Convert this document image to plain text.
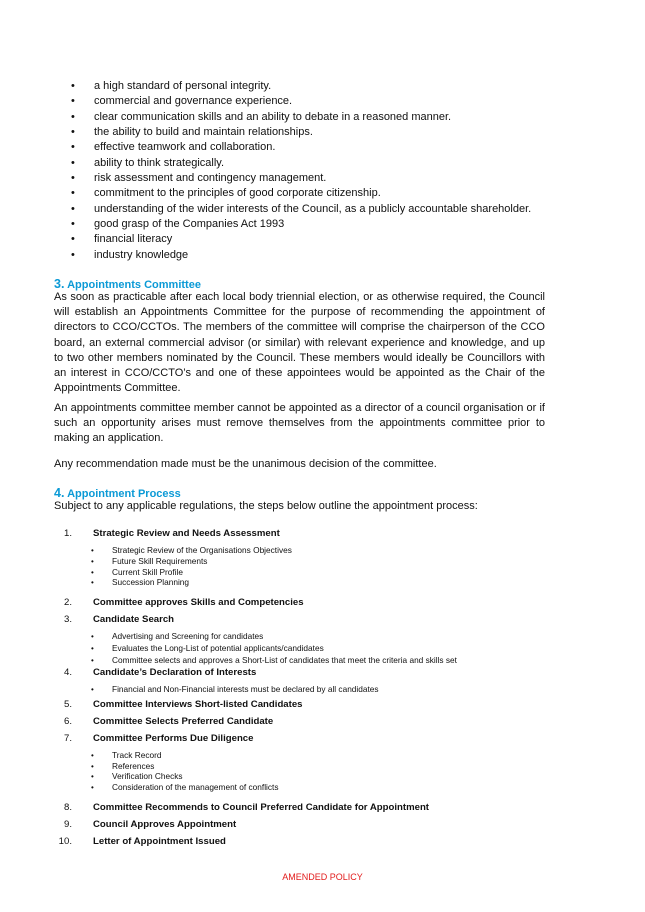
• a high standard of personal integrity.
• commercial and governance experience.
• clear communication skills and an ability to debate in a reasoned manner.
• the ability to build and maintain relationships.
• effective teamwork and collaboration.
• ability to think strategically.
• risk assessment and contingency management.
• commitment to the principles of good corporate citizenship.
• understanding of the wider interests of the Council, as a publicly accountable shareholder.
• good grasp of the Companies Act 1993
• financial literacy
• industry knowledge
3. Appointments Committee

As soon as practicable after each local body triennial election, or as otherwise required, the Council will establish an Appointments Committee for the purpose of recommending the appointment of directors to CCO/CCTOs. The members of the committee will comprise the chairperson of the CCO board, an external commercial advisor (or similar) with relevant experience and knowledge, and up to two other members nominated by the Council. These members would ideally be Councillors with an interest in CCO/CCTO’s and one of these appointees would be appointed as the Chair of the Appointments Committee.

An appointments committee member cannot be appointed as a director of a council organisation or if such an opportunity arises must remove themselves from the appointments committee prior to making an application.

Any recommendation made must be the unanimous decision of the committee.

4. Appointment Process

Subject to any applicable regulations, the steps below outline the appointment process:

1. Strategic Review and Needs Assessment
• Strategic Review of the Organisations Objectives
• Future Skill Requirements
• Current Skill Profile
• Succession Planning
2. Committee approves Skills and Competencies
3. Candidate Search
• Advertising and Screening for candidates
• Evaluates the Long-List of potential applicants/candidates
• Committee selects and approves a Short-List of candidates that meet the criteria and skills set
4. Candidate’s Declaration of Interests
• Financial and Non-Financial interests must be declared by all candidates
5. Committee Interviews Short-listed Candidates
6. Committee Selects Preferred Candidate
7. Committee Performs Due Diligence
• Track Record
• References
• Verification Checks
• Consideration of the management of conflicts
8. Committee Recommends to Council Preferred Candidate for Appointment
9. Council Approves Appointment
10. Letter of Appointment Issued
AMENDED POLICY
